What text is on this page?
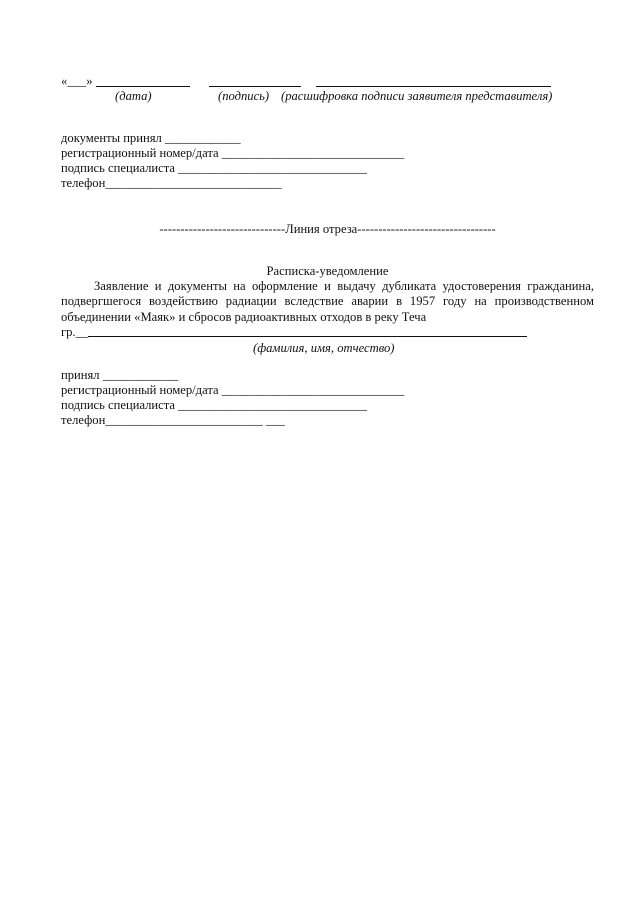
«___»
(дата)	(подпись) (расшифровка подписи заявителя представителя)
документы принял ____________
регистрационный номер/дата _____________________________
подпись специалиста ______________________________
телефон____________________________
------------------------------Линия отреза---------------------------------
Расписка-уведомление

Заявление и документы на оформление и выдачу дубликата удостоверения гражданина,

подвергшегося воздействию радиации вследствие аварии в 1957 году на производственном

объединении «Маяк» и сбросов радиоактивных отходов в реку Теча

гр.__
(фамилия, имя, отчество)
принял ____________
регистрационный номер/дата _____________________________
подпись специалиста ______________________________
телефон_________________________ ___
